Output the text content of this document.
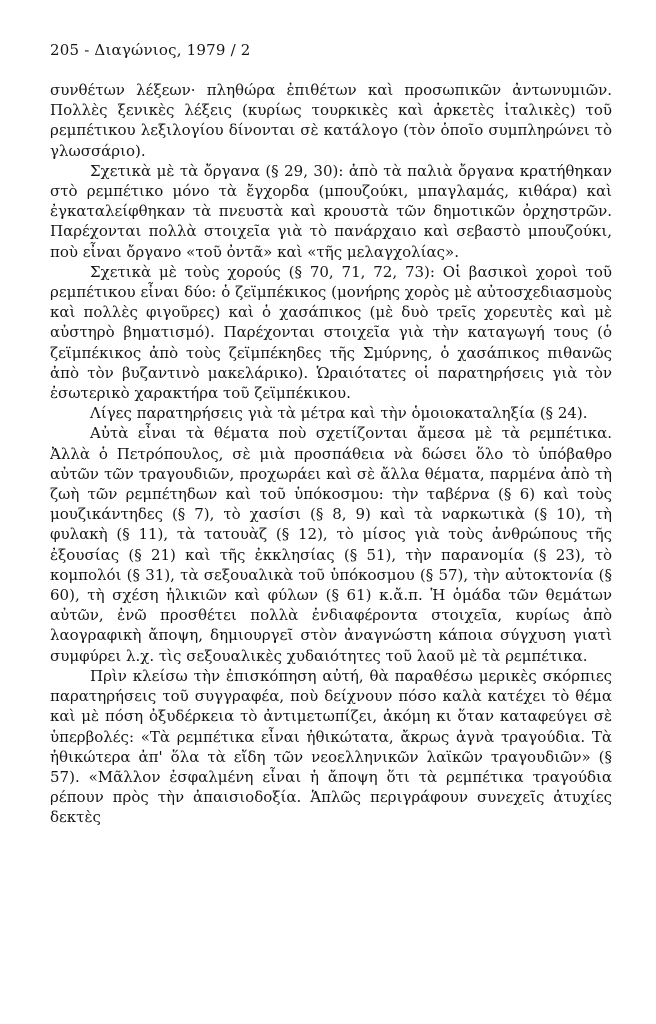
205 - Διαγώνιος, 1979 / 2

συνθέτων λέξεων· πληθώρα ἐπιθέτων καὶ προσωπικῶν ἀντωνυμιῶν. Πολλὲς ξενικὲς λέξεις (κυρίως τουρκικὲς καὶ ἀρκετὲς ἰταλικὲς) τοῦ ρεμπέτικου λεξιλογίου δίνονται σὲ κατάλογο (τὸν ὁποῖο συμπληρώνει τὸ γλωσσάριο).

Σχετικὰ μὲ τὰ ὄργανα (§ 29, 30): ἀπὸ τὰ παλιὰ ὄργανα κρατήθηκαν στὸ ρεμπέτικο μόνο τὰ ἔγχορδα (μπουζούκι, μπαγλαμάς, κιθάρα) καὶ ἐγκαταλείφθηκαν τὰ πνευστὰ καὶ κρουστὰ τῶν δημοτικῶν ὀρχηστρῶν. Παρέχονται πολλὰ στοιχεῖα γιὰ τὸ πανάρχαιο καὶ σεβαστὸ μπουζούκι, ποὺ εἶναι ὄργανο «τοῦ ὀντᾶ» καὶ «τῆς μελαγχολίας».

Σχετικὰ μὲ τοὺς χορούς (§ 70, 71, 72, 73): Οἱ βασικοὶ χοροὶ τοῦ ρεμπέτικου εἶναι δύο: ὁ ζεϊμπέκικος (μονήρης χορὸς μὲ αὐτοσχεδιασμοὺς καὶ πολλὲς φιγοῦρες) καὶ ὁ χασάπικος (μὲ δυὸ τρεῖς χορευτὲς καὶ μὲ αὐστηρὸ βηματισμό). Παρέχονται στοιχεῖα γιὰ τὴν καταγωγή τους (ὁ ζεϊμπέκικος ἀπὸ τοὺς ζεϊμπέκηδες τῆς Σμύρνης, ὁ χασάπικος πιθανῶς ἀπὸ τὸν βυζαντινὸ μακελάρικο). Ὡραιότατες οἱ παρατηρήσεις γιὰ τὸν ἐσωτερικὸ χαρακτήρα τοῦ ζεϊμπέκικου.

Λίγες παρατηρήσεις γιὰ τὰ μέτρα καὶ τὴν ὁμοιοκαταληξία (§ 24).

Αὐτὰ εἶναι τὰ θέματα ποὺ σχετίζονται ἄμεσα μὲ τὰ ρεμπέτικα. Ἀλλὰ ὁ Πετρόπουλος, σὲ μιὰ προσπάθεια νὰ δώσει ὅλο τὸ ὑπόβαθρο αὐτῶν τῶν τραγουδιῶν, προχωράει καὶ σὲ ἄλλα θέματα, παρμένα ἀπὸ τὴ ζωὴ τῶν ρεμπέτηδων καὶ τοῦ ὑπόκοσμου: τὴν ταβέρνα (§ 6) καὶ τοὺς μουζικάντηδες (§ 7), τὸ χασίσι (§ 8, 9) καὶ τὰ ναρκωτικὰ (§ 10), τὴ φυλακὴ (§ 11), τὰ τατουὰζ (§ 12), τὸ μίσος γιὰ τοὺς ἀνθρώπους τῆς ἐξουσίας (§ 21) καὶ τῆς ἐκκλησίας (§ 51), τὴν παρανομία (§ 23), τὸ κομπολόι (§ 31), τὰ σεξουαλικὰ τοῦ ὑπόκοσμου (§ 57), τὴν αὐτοκτονία (§ 60), τὴ σχέση ἡλικιῶν καὶ φύλων (§ 61) κ.ἄ.π. Ἡ ὁμάδα τῶν θεμάτων αὐτῶν, ἐνῶ προσθέτει πολλὰ ἐνδιαφέροντα στοιχεῖα, κυρίως ἀπὸ λαογραφικὴ ἄποψη, δημιουργεῖ στὸν ἀναγνώστη κάποια σύγχυση γιατὶ συμφύρει λ.χ. τὶς σεξουαλικὲς χυδαιότητες τοῦ λαοῦ μὲ τὰ ρεμπέτικα.

Πρὶν κλείσω τὴν ἐπισκόπηση αὐτή, θὰ παραθέσω μερικὲς σκόρπιες παρατηρήσεις τοῦ συγγραφέα, ποὺ δείχνουν πόσο καλὰ κατέχει τὸ θέμα καὶ μὲ πόση ὀξυδέρκεια τὸ ἀντιμετωπίζει, ἀκόμη κι ὅταν καταφεύγει σὲ ὑπερβολές: «Τὰ ρεμπέτικα εἶναι ἠθικώτατα, ἄκρως ἁγνὰ τραγούδια. Τὰ ἠθικώτερα ἀπ' ὅλα τὰ εἴδη τῶν νεοελληνικῶν λαϊκῶν τραγουδιῶν» (§ 57). «Μᾶλλον ἐσφαλμένη εἶναι ἡ ἄποψη ὅτι τὰ ρεμπέτικα τραγούδια ρέπουν πρὸς τὴν ἀπαισιοδοξία. Ἁπλῶς περιγράφουν συνεχεῖς ἀτυχίες δεκτὲς
